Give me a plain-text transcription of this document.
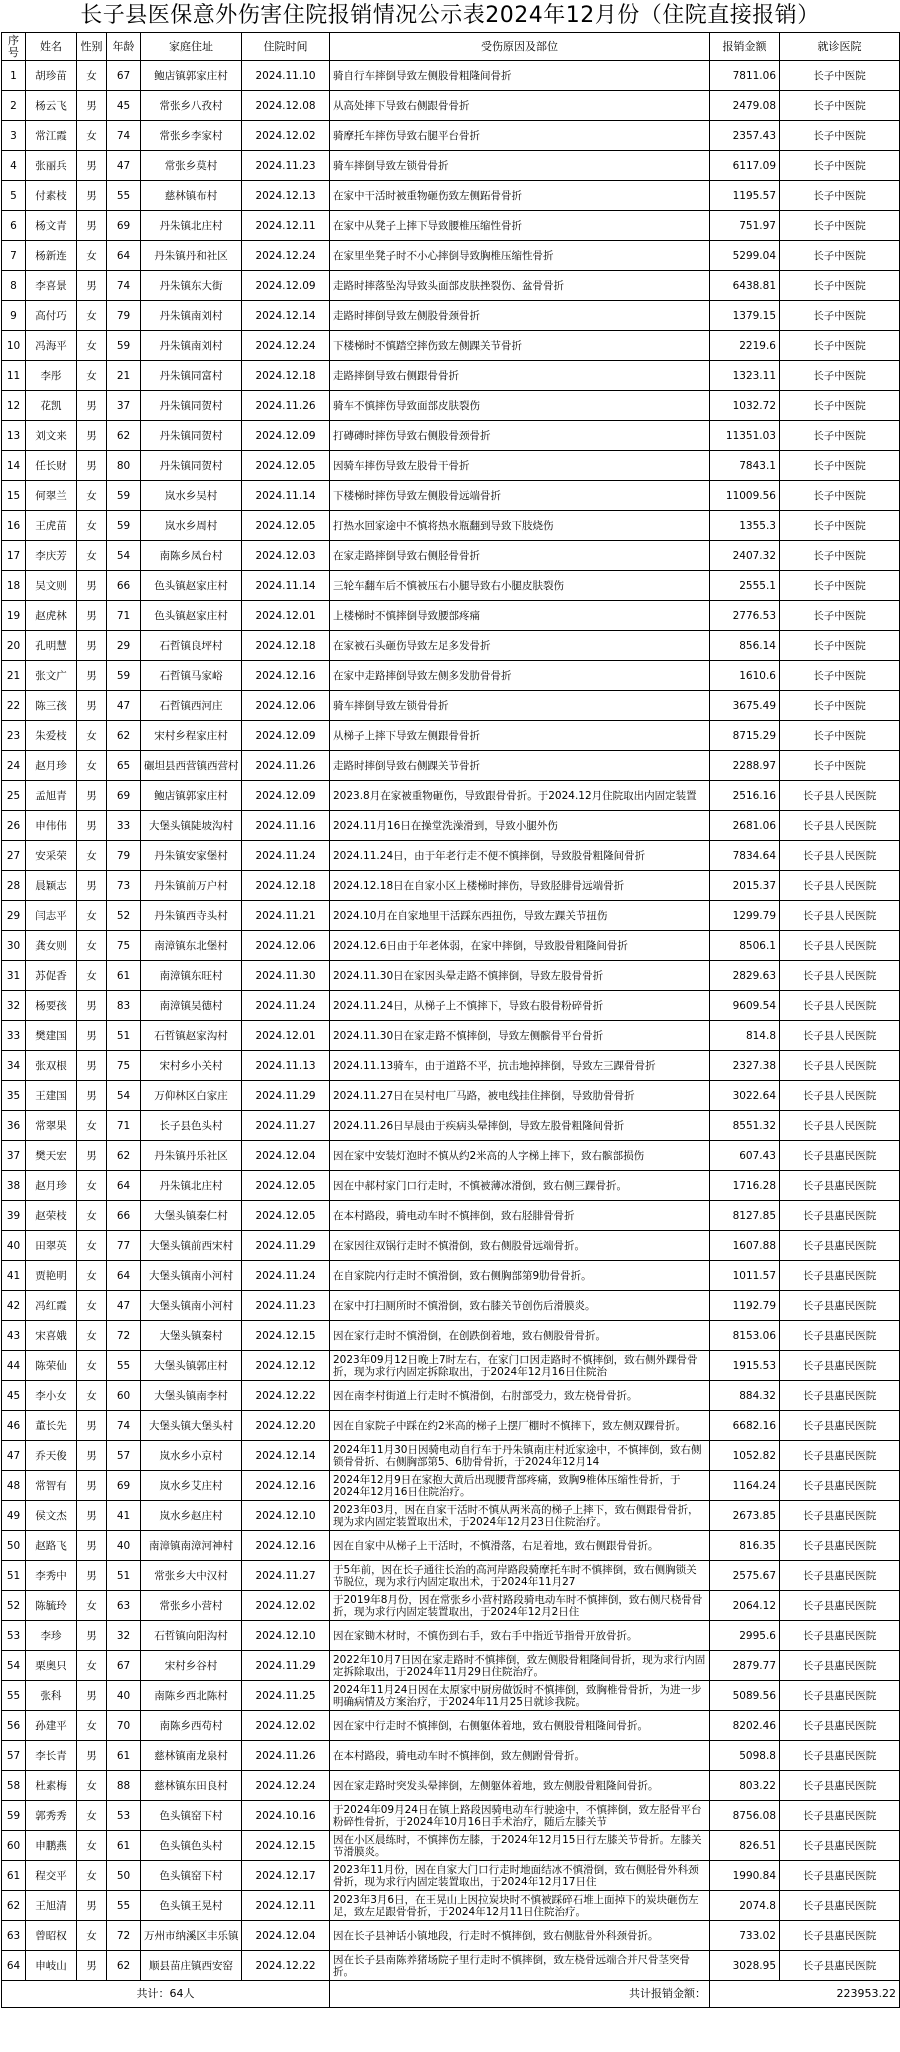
长子县医保意外伤害住院报销情况公示表2024年12月份（住院直接报销）
序号	姓名	性别	年龄	家庭住址	住院时间	受伤原因及部位	报销金额	就诊医院
1	胡珍苗	女	67	鲍店镇郭家庄村	2024.11.10	骑自行车摔倒导致左侧股骨粗隆间骨折	7811.06	长子中医院
2	杨云飞	男	45	常张乡八孜村	2024.12.08	从高处摔下导致右侧跟骨骨折	2479.08	长子中医院
3	常江霞	女	74	常张乡李家村	2024.12.02	骑摩托车摔伤导致右腿平台骨折	2357.43	长子中医院
4	张丽兵	男	47	常张乡莫村	2024.11.23	骑车摔倒导致左锁骨骨折	6117.09	长子中医院
5	付素枝	男	55	慈林镇布村	2024.12.13	在家中干活时被重物砸伤致左侧跖骨骨折	1195.57	长子中医院
6	杨文青	男	69	丹朱镇北庄村	2024.12.11	在家中从凳子上摔下导致腰椎压缩性骨折	751.97	长子中医院
7	杨新连	女	64	丹朱镇丹和社区	2024.12.24	在家里坐凳子时不小心摔倒导致胸椎压缩性骨折	5299.04	长子中医院
8	李喜景	男	74	丹朱镇东大街	2024.12.09	走路时摔落坠沟导致头面部皮肤挫裂伤、盆骨骨折	6438.81	长子中医院
9	高付巧	女	79	丹朱镇南刘村	2024.12.14	走路时摔倒导致左侧股骨颈骨折	1379.15	长子中医院
10	冯海平	女	59	丹朱镇南刘村	2024.12.24	下楼梯时不慎踏空摔伤致左侧踝关节骨折	2219.6	长子中医院
11	李彤	女	21	丹朱镇同富村	2024.12.18	走路摔倒导致右侧跟骨骨折	1323.11	长子中医院
12	花凯	男	37	丹朱镇同贺村	2024.11.26	骑车不慎摔伤导致面部皮肤裂伤	1032.72	长子中医院
13	刘文来	男	62	丹朱镇同贺村	2024.12.09	打磚磚时摔伤导致右侧股骨颈骨折	11351.03	长子中医院
14	任长财	男	80	丹朱镇同贺村	2024.12.05	因骑车摔伤导致左股骨干骨折	7843.1	长子中医院
15	何翠兰	女	59	岚水乡吴村	2024.11.14	下楼梯时摔伤导致左侧股骨远端骨折	11009.56	长子中医院
16	王虎苗	女	59	岚水乡周村	2024.12.05	打热水回家途中不慎将热水瓶翻到导致下肢烧伤	1355.3	长子中医院
17	李庆芳	女	54	南陈乡凤台村	2024.12.03	在家走路摔倒导致右侧胫骨骨折	2407.32	长子中医院
18	吴文则	男	66	色头镇赵家庄村	2024.11.14	三轮车翻车后不慎被压右小腿导致右小腿皮肤裂伤	2555.1	长子中医院
19	赵虎林	男	71	色头镇赵家庄村	2024.12.01	上楼梯时不慎摔倒导致腰部疼痛	2776.53	长子中医院
20	孔明慧	男	29	石哲镇良坪村	2024.12.18	在家被石头砸伤导致左足多发骨折	856.14	长子中医院
21	张文广	男	59	石哲镇马家峪	2024.12.16	在家中走路摔倒导致左侧多发肋骨骨折	1610.6	长子中医院
22	陈三孩	男	47	石哲镇西河庄	2024.12.06	骑车摔倒导致左锁骨骨折	3675.49	长子中医院
23	朱爱枝	女	62	宋村乡程家庄村	2024.12.09	从梯子上摔下导致左侧跟骨骨折	8715.29	长子中医院
24	赵月珍	女	65	碾坦县西营镇西营村	2024.11.26	走路时摔倒导致右侧踝关节骨折	2288.97	长子中医院
25	孟旭青	男	69	鲍店镇郭家庄村	2024.12.09	2023.8月在家被重物砸伤，导致跟骨骨折。于2024.12月住院取出内固定装置	2516.16	长子县人民医院
26	申伟伟	男	33	大堡头镇陡坡沟村	2024.11.16	2024.11月16日在操堂洗澡滑到，导致小腿外伤	2681.06	长子县人民医院
27	安采荣	女	79	丹朱镇安家堡村	2024.11.24	2024.11.24日，由于年老行走不便不慎摔倒，导致股骨粗隆间骨折	7834.64	长子县人民医院
28	晨颖志	男	73	丹朱镇前万户村	2024.12.18	2024.12.18日在自家小区上楼梯时摔伤，导致胫腓骨远端骨折	2015.37	长子县人民医院
29	闫志平	女	52	丹朱镇西寺头村	2024.11.21	2024.10月在自家地里干活踩东西扭伤，导致左踝关节扭伤	1299.79	长子县人民医院
30	龚女则	女	75	南漳镇东北堡村	2024.12.06	2024.12.6日由于年老体弱，在家中摔倒，导致股骨粗隆间骨折	8506.1	长子县人民医院
31	苏促香	女	61	南漳镇东旺村	2024.11.30	2024.11.30日在家因头晕走路不慎摔倒，导致左股骨骨折	2829.63	长子县人民医院
32	杨要孩	男	83	南漳镇吴德村	2024.11.24	2024.11.24日，从梯子上不慎摔下，导致右股骨粉碎骨折	9609.54	长子县人民医院
33	樊建国	男	51	石哲镇赵家沟村	2024.12.01	2024.11.30日在家走路不慎摔倒，导致左侧髌骨平台骨折	814.8	长子县人民医院
34	张双根	男	75	宋村乡小关村	2024.11.13	2024.11.13骑车，由于道路不平，抗击地掉摔倒，导致左三踝骨骨折	2327.38	长子县人民医院
35	王建国	男	54	万仰林区白家庄	2024.11.29	2024.11.27日在吴村电厂马路，被电线挂住摔倒，导致肋骨骨折	3022.64	长子县人民医院
36	常翠果	女	71	长子县色头村	2024.11.27	2024.11.26日早晨由于疾病头晕摔倒，导致左股骨粗隆间骨折	8551.32	长子县人民医院
37	樊天宏	男	62	丹朱镇丹乐社区	2024.12.04	因在家中安装灯泡时不慎从约2米高的人字梯上摔下，致右髌部损伤	607.43	长子县惠民医院
38	赵月珍	女	64	丹朱镇北庄村	2024.12.05	因在中郝村家门口行走时，不慎被薄冰滑倒，致右侧三踝骨折。	1716.28	长子县惠民医院
39	赵荣枝	女	66	大堡头镇秦仁村	2024.12.05	在本村路段，骑电动车时不慎摔倒，致右胫腓骨骨折	8127.85	长子县惠民医院
40	田翠英	女	77	大堡头镇前西宋村	2024.11.29	在家因往双锅行走时不慎滑倒，致右侧股骨远端骨折。	1607.88	长子县惠民医院
41	贾艳明	女	64	大堡头镇南小河村	2024.11.24	在自家院内行走时不慎滑倒，致右侧胸部第9肋骨骨折。	1011.57	长子县惠民医院
42	冯红霞	女	47	大堡头镇南小河村	2024.11.23	在家中打扫厕所时不慎滑倒，致右膝关节创伤后滑膜炎。	1192.79	长子县惠民医院
43	宋喜娥	女	72	大堡头镇秦村	2024.12.15	因在家行走时不慎滑倒，在创跌倒着地，致右侧股骨骨折。	8153.06	长子县惠民医院
44	陈荣仙	女	55	大堡头镇郭庄村	2024.12.12	2023年09月12日晚上7时左右，在家门口因走路时不慎摔倒，致右侧外踝骨骨折，现为求行内固定拆除取出，于2024年12月16日住院治	1915.53	长子县惠民医院
45	李小女	女	60	大堡头镇南李村	2024.12.22	因在南李村街道上行走时不慎滑倒，右肘部受力，致左桡骨骨折。	884.32	长子县惠民医院
46	董长先	男	74	大堡头镇大堡头村	2024.12.20	因在自家院子中踩在约2米高的梯子上摆厂棚时不慎摔下，致左侧双踝骨折。	6682.16	长子县惠民医院
47	乔天俊	男	57	岚水乡小京村	2024.12.14	2024年11月30日因骑电动自行车于丹朱镇南庄村近家途中，不慎摔倒，致右侧锁骨骨折、右侧胸部第5、6肋骨骨折，于2024年12月14	1052.82	长子县惠民医院
48	常智有	男	69	岚水乡艾庄村	2024.12.16	2024年12月9日在家抱大黄后出现腰背部疼痛，致胸9椎体压缩性骨折，于2024年12月16日住院治疗。	1164.24	长子县惠民医院
49	侯文杰	男	41	岚水乡赵庄村	2024.12.10	2023年03月，因在自家干活时不慎从两米高的梯子上摔下，致右侧跟骨骨折，现为求内固定装置取出术，于2024年12月23日住院治疗。	2673.85	长子县惠民医院
50	赵路飞	男	40	南漳镇南漳河神村	2024.12.16	因在自家中从梯子上干活时，不慎滑落，右足着地，致右侧跟骨骨折。	816.35	长子县惠民医院
51	李秀中	男	51	常张乡大中汉村	2024.11.27	于5年前，因在长子通往长治的高河岸路段骑摩托车时不慎摔倒，致右侧胸锁关节脱位，现为求行内固定取出术，于2024年11月27	2575.67	长子县惠民医院
52	陈毓玲	女	63	常张乡小营村	2024.12.02	于2019年8月份，因在常张乡小营村路段骑电动车时不慎摔倒，致右侧尺桡骨骨折，现为求行内固定装置取出，于2024年12月2日住	2064.12	长子县惠民医院
53	李珍	男	32	石哲镇向阳沟村	2024.12.10	因在家锄木材时，不慎伤到右手，致右手中指近节指骨开放骨折。	2995.6	长子县惠民医院
54	栗奥只	女	67	宋村乡谷村	2024.11.29	2022年10月7日因在家走路时不慎摔倒，致左侧股骨粗隆间骨折，现为求行内固定拆除取出，于2024年11月29日住院治疗。	2879.77	长子县惠民医院
55	张科	男	40	南陈乡西北陈村	2024.11.25	2024年11月24日因在太原家中厨房做饭时不慎摔倒，致胸椎骨骨折，为进一步明确病情及方案治疗，于2024年11月25日就诊我院。	5089.56	长子县惠民医院
56	孙建平	女	70	南陈乡西苟村	2024.12.02	因在家中行走时不慎摔倒，右侧躯体着地，致右侧股骨粗隆间骨折。	8202.46	长子县惠民医院
57	李长青	男	61	慈林镇南龙泉村	2024.11.26	在本村路段，骑电动车时不慎摔倒，致左侧跗骨骨折。	5098.8	长子县惠民医院
58	杜素梅	女	88	慈林镇东田良村	2024.12.24	因在家走路时突发头晕摔倒，左侧躯体着地，致左侧股骨粗隆间骨折。	803.22	长子县惠民医院
59	郭秀秀	女	53	色头镇窑下村	2024.10.16	于2024年09月24日在镇上路段因骑电动车行驶途中，不慎摔倒，致左胫骨平台粉碎性骨折，于2024年10月16日手术治疗，随后左膝关节	8756.08	长子县惠民医院
60	申鹏燕	女	61	色头镇色头村	2024.12.15	因在小区晨练时，不慎摔伤左膝，于2024年12月15日行左膝关节骨折。左膝关节滑膜炎。	826.51	长子县惠民医院
61	程交平	女	50	色头镇窑下村	2024.12.17	2023年11月份，因在自家大门口行走时地面结冰不慎滑倒，致右侧胫骨外科颈骨折，现为求行内固定装置取出，于2024年12月17日住	1990.84	长子县惠民医院
62	王旭清	男	55	色头镇王晃村	2024.12.11	2023年3月6日，在王晃山上因拉炭块时不慎被踩碎石堆上面掉下的炭块砸伤左足，致左足跟骨骨折，于2024年12月11日住院治疗。	2074.8	长子县惠民医院
63	曾昭权	女	72	万州市纳溪区丰乐镇	2024.12.04	因在长子县神话小镇地段，行走时不慎摔倒，致右侧肱骨外科颈骨折。	733.02	长子县惠民医院
64	申岐山	男	62	顺县苗庄镇西安窑	2024.12.22	因在长子县南陈养猪场院子里行走时不慎摔倒，致左桡骨远端合并尺骨茎突骨折。	3028.95	长子县惠民医院
共计：64人						共计报销金额：	223953.22	
